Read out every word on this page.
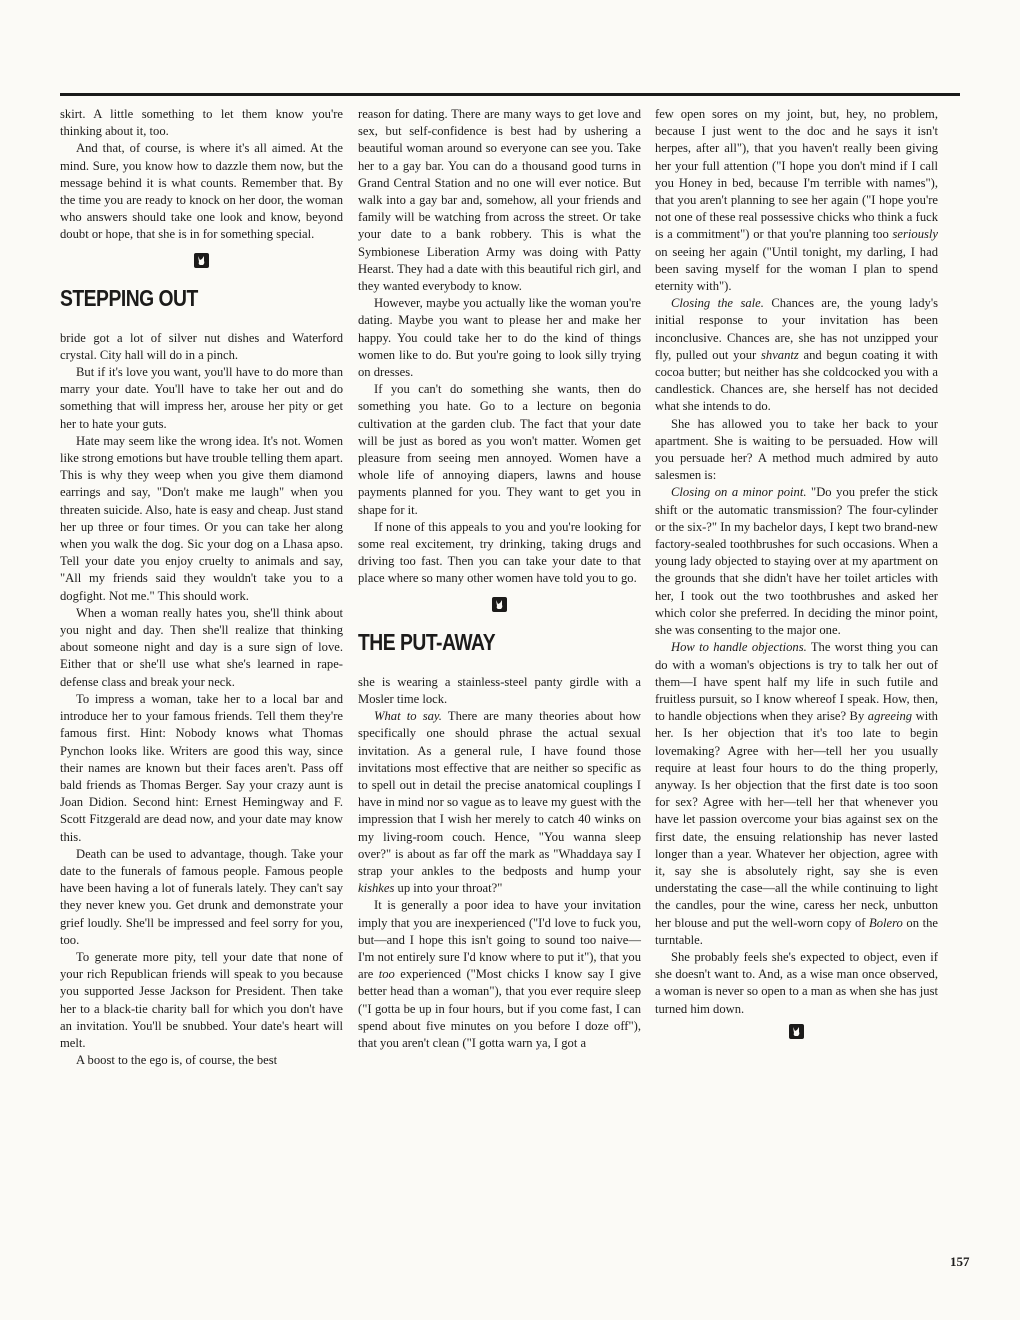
skirt. A little something to let them know you're thinking about it, too.

And that, of course, is where it's all aimed. At the mind. Sure, you know how to dazzle them now, but the message behind it is what counts. Remember that. By the time you are ready to knock on her door, the woman who answers should take one look and know, beyond doubt or hope, that she is in for something special.

STEPPING OUT

bride got a lot of silver nut dishes and Waterford crystal. City hall will do in a pinch.

But if it's love you want, you'll have to do more than marry your date. You'll have to take her out and do something that will impress her, arouse her pity or get her to hate your guts.

Hate may seem like the wrong idea. It's not. Women like strong emotions but have trouble telling them apart. This is why they weep when you give them diamond earrings and say, "Don't make me laugh" when you threaten suicide. Also, hate is easy and cheap. Just stand her up three or four times. Or you can take her along when you walk the dog. Sic your dog on a Lhasa apso. Tell your date you enjoy cruelty to animals and say, "All my friends said they wouldn't take you to a dogfight. Not me." This should work.

When a woman really hates you, she'll think about you night and day. Then she'll realize that thinking about someone night and day is a sure sign of love. Either that or she'll use what she's learned in rape-defense class and break your neck.

To impress a woman, take her to a local bar and introduce her to your famous friends. Tell them they're famous first. Hint: Nobody knows what Thomas Pynchon looks like. Writers are good this way, since their names are known but their faces aren't. Pass off bald friends as Thomas Berger. Say your crazy aunt is Joan Didion. Second hint: Ernest Hemingway and F. Scott Fitzgerald are dead now, and your date may know this.

Death can be used to advantage, though. Take your date to the funerals of famous people. Famous people have been having a lot of funerals lately. They can't say they never knew you. Get drunk and demonstrate your grief loudly. She'll be impressed and feel sorry for you, too.

To generate more pity, tell your date that none of your rich Republican friends will speak to you because you supported Jesse Jackson for President. Then take her to a black-tie charity ball for which you don't have an invitation. You'll be snubbed. Your date's heart will melt.

A boost to the ego is, of course, the best

reason for dating. There are many ways to get love and sex, but self-confidence is best had by ushering a beautiful woman around so everyone can see you. Take her to a gay bar. You can do a thousand good turns in Grand Central Station and no one will ever notice. But walk into a gay bar and, somehow, all your friends and family will be watching from across the street. Or take your date to a bank robbery. This is what the Symbionese Liberation Army was doing with Patty Hearst. They had a date with this beautiful rich girl, and they wanted everybody to know.

However, maybe you actually like the woman you're dating. Maybe you want to please her and make her happy. You could take her to do the kind of things women like to do. But you're going to look silly trying on dresses.

If you can't do something she wants, then do something you hate. Go to a lecture on begonia cultivation at the garden club. The fact that your date will be just as bored as you won't matter. Women get pleasure from seeing men annoyed. Women have a whole life of annoying diapers, lawns and house payments planned for you. They want to get you in shape for it.

If none of this appeals to you and you're looking for some real excitement, try drinking, taking drugs and driving too fast. Then you can take your date to that place where so many other women have told you to go.

THE PUT-AWAY

she is wearing a stainless-steel panty girdle with a Mosler time lock.

What to say. There are many theories about how specifically one should phrase the actual sexual invitation. As a general rule, I have found those invitations most effective that are neither so specific as to spell out in detail the precise anatomical couplings I have in mind nor so vague as to leave my guest with the impression that I wish her merely to catch 40 winks on my living-room couch. Hence, "You wanna sleep over?" is about as far off the mark as "Whaddaya say I strap your ankles to the bedposts and hump your kishkes up into your throat?"

It is generally a poor idea to have your invitation imply that you are inexperienced ("I'd love to fuck you, but—and I hope this isn't going to sound too naive—I'm not entirely sure I'd know where to put it"), that you are too experienced ("Most chicks I know say I give better head than a woman"), that you ever require sleep ("I gotta be up in four hours, but if you come fast, I can spend about five minutes on you before I doze off"), that you aren't clean ("I gotta warn ya, I got a

few open sores on my joint, but, hey, no problem, because I just went to the doc and he says it isn't herpes, after all"), that you haven't really been giving her your full attention ("I hope you don't mind if I call you Honey in bed, because I'm terrible with names"), that you aren't planning to see her again ("I hope you're not one of these real possessive chicks who think a fuck is a commitment") or that you're planning too seriously on seeing her again ("Until tonight, my darling, I had been saving myself for the woman I plan to spend eternity with").

Closing the sale. Chances are, the young lady's initial response to your invitation has been inconclusive. Chances are, she has not unzipped your fly, pulled out your shvantz and begun coating it with cocoa butter; but neither has she coldcocked you with a candlestick. Chances are, she herself has not decided what she intends to do.

She has allowed you to take her back to your apartment. She is waiting to be persuaded. How will you persuade her? A method much admired by auto salesmen is:

Closing on a minor point. "Do you prefer the stick shift or the automatic transmission? The four-cylinder or the six-?" In my bachelor days, I kept two brand-new factory-sealed toothbrushes for such occasions. When a young lady objected to staying over at my apartment on the grounds that she didn't have her toilet articles with her, I took out the two toothbrushes and asked her which color she preferred. In deciding the minor point, she was consenting to the major one.

How to handle objections. The worst thing you can do with a woman's objections is try to talk her out of them—I have spent half my life in such futile and fruitless pursuit, so I know whereof I speak. How, then, to handle objections when they arise? By agreeing with her. Is her objection that it's too late to begin lovemaking? Agree with her—tell her you usually require at least four hours to do the thing properly, anyway. Is her objection that the first date is too soon for sex? Agree with her—tell her that whenever you have let passion overcome your bias against sex on the first date, the ensuing relationship has never lasted longer than a year. Whatever her objection, agree with it, say she is absolutely right, say she is even understating the case—all the while continuing to light the candles, pour the wine, caress her neck, unbutton her blouse and put the well-worn copy of Bolero on the turntable.

She probably feels she's expected to object, even if she doesn't want to. And, as a wise man once observed, a woman is never so open to a man as when she has just turned him down.

157
